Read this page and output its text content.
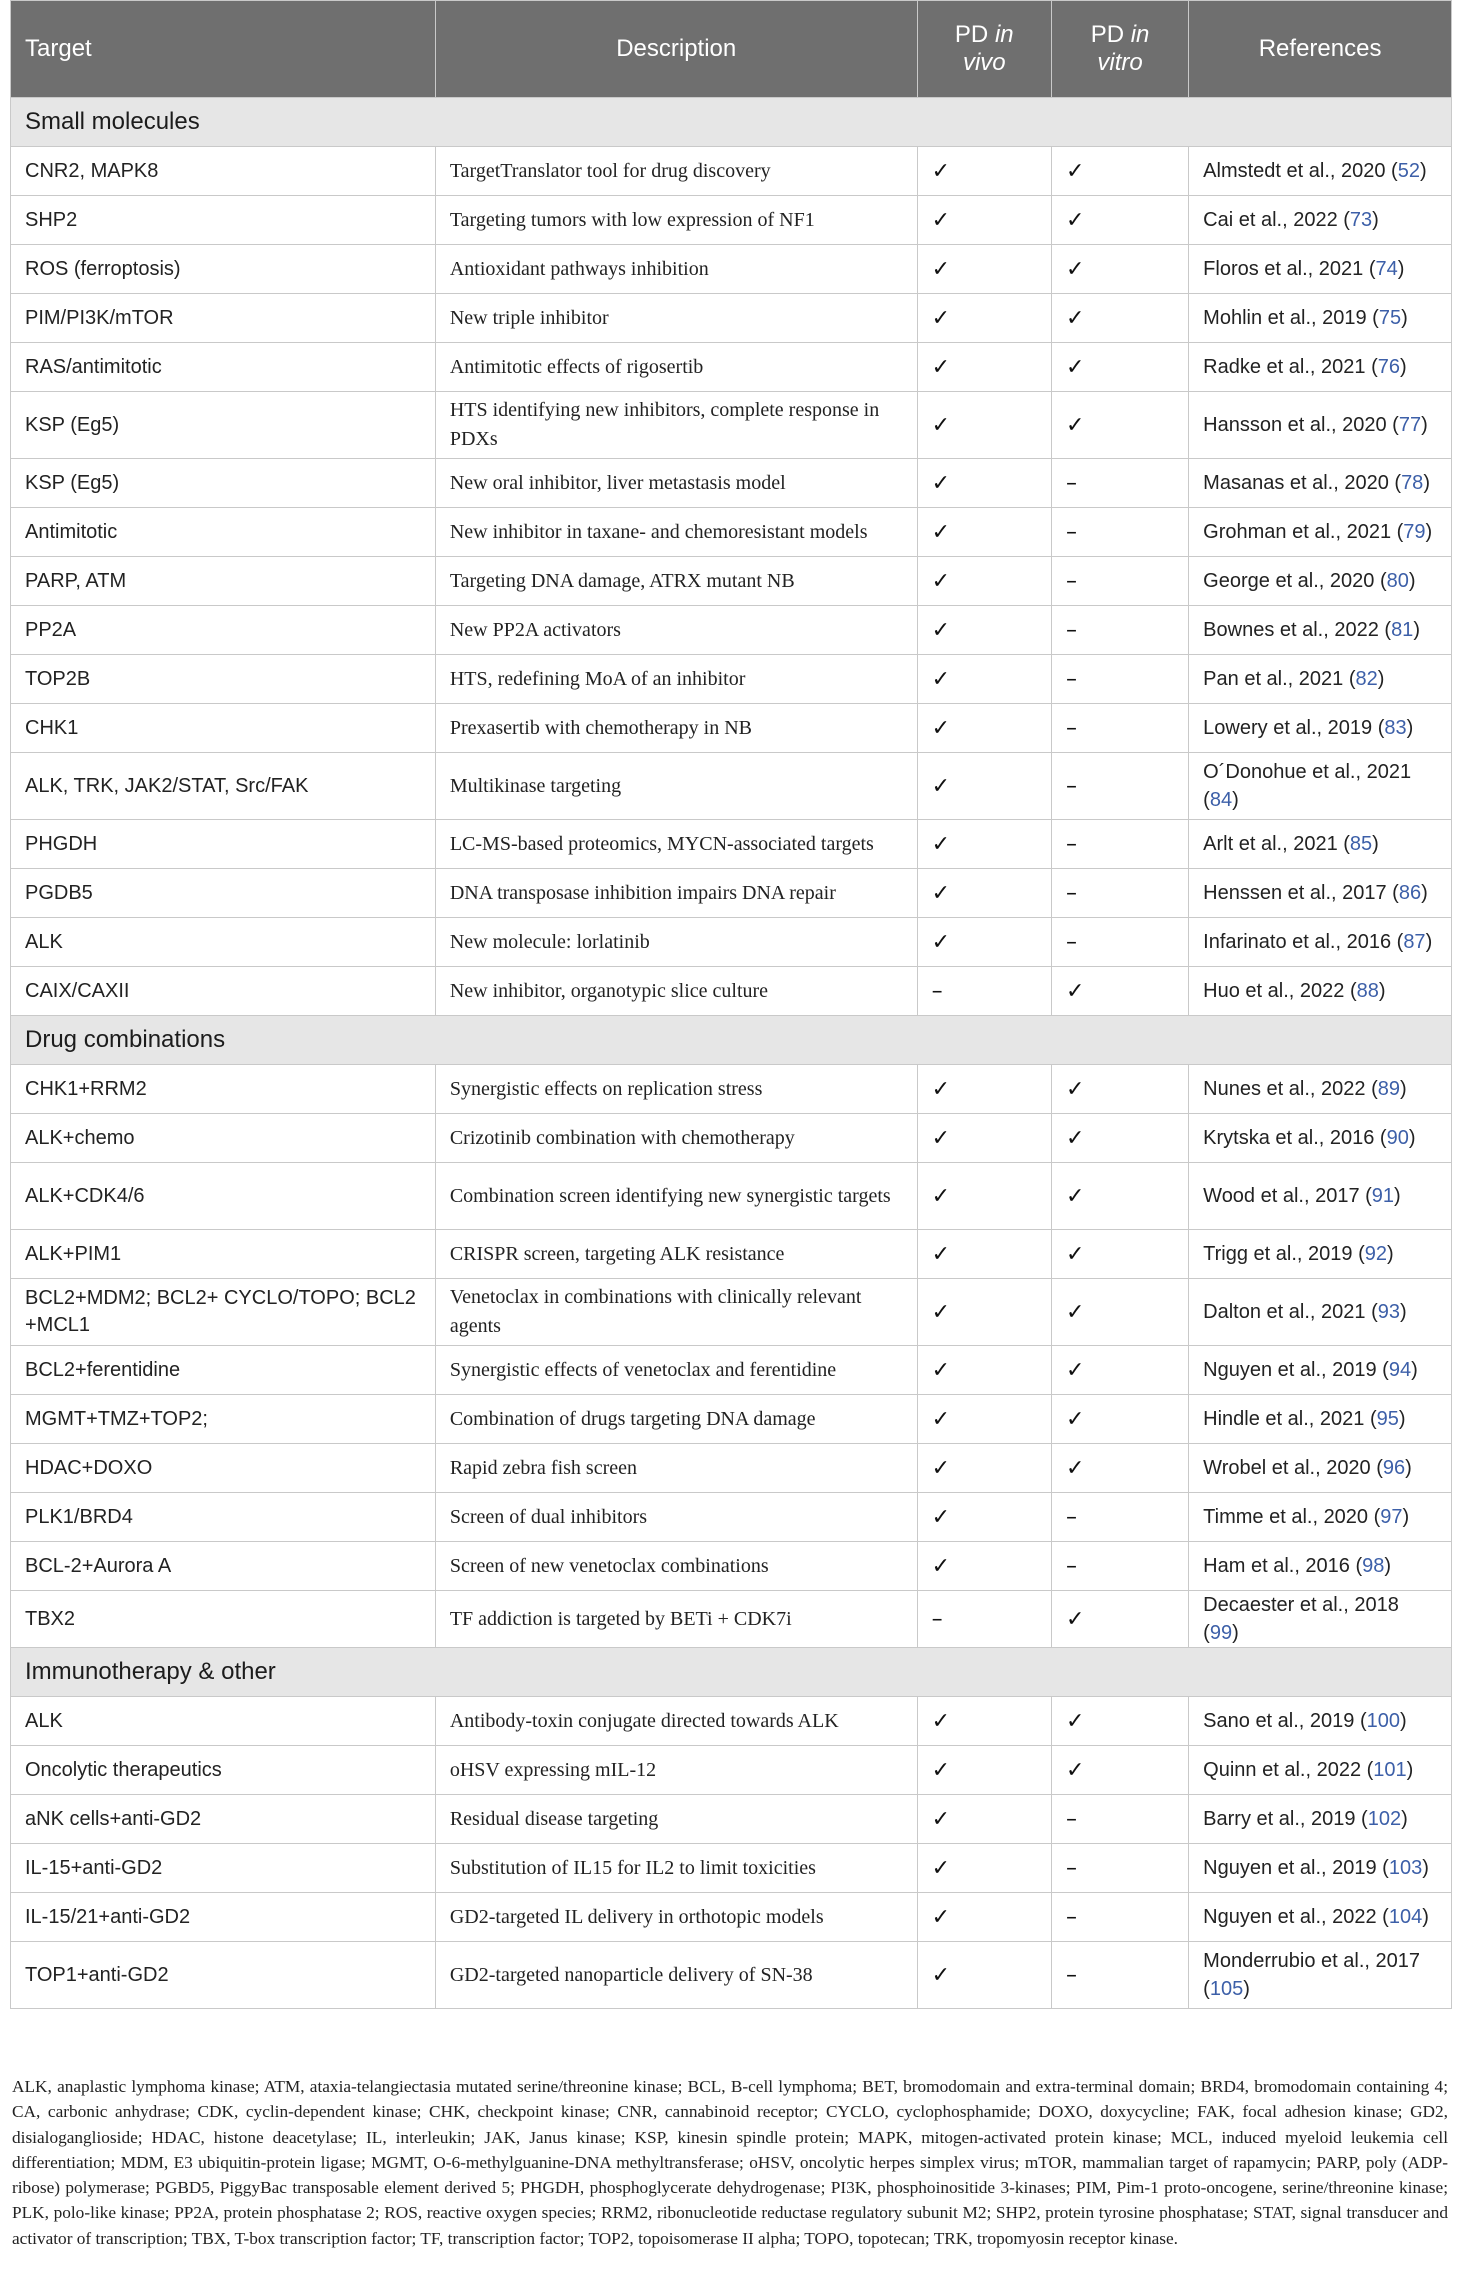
Target	Description	PD in vivo	PD in vitro	References
Small molecules				
CNR2, MAPK8	TargetTranslator tool for drug discovery	✓	✓	Almstedt et al., 2020 (52)
SHP2	Targeting tumors with low expression of NF1	✓	✓	Cai et al., 2022 (73)
ROS (ferroptosis)	Antioxidant pathways inhibition	✓	✓	Floros et al., 2021 (74)
PIM/PI3K/mTOR	New triple inhibitor	✓	✓	Mohlin et al., 2019 (75)
RAS/antimitotic	Antimitotic effects of rigosertib	✓	✓	Radke et al., 2021 (76)
KSP (Eg5)	HTS identifying new inhibitors, complete response in PDXs	✓	✓	Hansson et al., 2020 (77)
KSP (Eg5)	New oral inhibitor, liver metastasis model	✓	–	Masanas et al., 2020 (78)
Antimitotic	New inhibitor in taxane- and chemoresistant models	✓	–	Grohman et al., 2021 (79)
PARP, ATM	Targeting DNA damage, ATRX mutant NB	✓	–	George et al., 2020 (80)
PP2A	New PP2A activators	✓	–	Bownes et al., 2022 (81)
TOP2B	HTS, redefining MoA of an inhibitor	✓	–	Pan et al., 2021 (82)
CHK1	Prexasertib with chemotherapy in NB	✓	–	Lowery et al., 2019 (83)
ALK, TRK, JAK2/STAT, Src/FAK	Multikinase targeting	✓	–	O´Donohue et al., 2021 (84)
PHGDH	LC-MS-based proteomics, MYCN-associated targets	✓	–	Arlt et al., 2021 (85)
PGDB5	DNA transposase inhibition impairs DNA repair	✓	–	Henssen et al., 2017 (86)
ALK	New molecule: lorlatinib	✓	–	Infarinato et al., 2016 (87)
CAIX/CAXII	New inhibitor, organotypic slice culture	–	✓	Huo et al., 2022 (88)
Drug combinations				
CHK1+RRM2	Synergistic effects on replication stress	✓	✓	Nunes et al., 2022 (89)
ALK+chemo	Crizotinib combination with chemotherapy	✓	✓	Krytska et al., 2016 (90)
ALK+CDK4/6	Combination screen identifying new synergistic targets	✓	✓	Wood et al., 2017 (91)
ALK+PIM1	CRISPR screen, targeting ALK resistance	✓	✓	Trigg et al., 2019 (92)
BCL2+MDM2; BCL2+ CYCLO/TOPO; BCL2 +MCL1	Venetoclax in combinations with clinically relevant agents	✓	✓	Dalton et al., 2021 (93)
BCL2+ferentidine	Synergistic effects of venetoclax and ferentidine	✓	✓	Nguyen et al., 2019 (94)
MGMT+TMZ+TOP2;	Combination of drugs targeting DNA damage	✓	✓	Hindle et al., 2021 (95)
HDAC+DOXO	Rapid zebra fish screen	✓	✓	Wrobel et al., 2020 (96)
PLK1/BRD4	Screen of dual inhibitors	✓	–	Timme et al., 2020 (97)
BCL-2+Aurora A	Screen of new venetoclax combinations	✓	–	Ham et al., 2016 (98)
TBX2	TF addiction is targeted by BETi + CDK7i	–	✓	Decaester et al., 2018 (99)
Immunotherapy & other				
ALK	Antibody-toxin conjugate directed towards ALK	✓	✓	Sano et al., 2019 (100)
Oncolytic therapeutics	oHSV expressing mIL-12	✓	✓	Quinn et al., 2022 (101)
aNK cells+anti-GD2	Residual disease targeting	✓	–	Barry et al., 2019 (102)
IL-15+anti-GD2	Substitution of IL15 for IL2 to limit toxicities	✓	–	Nguyen et al., 2019 (103)
IL-15/21+anti-GD2	GD2-targeted IL delivery in orthotopic models	✓	–	Nguyen et al., 2022 (104)
TOP1+anti-GD2	GD2-targeted nanoparticle delivery of SN-38	✓	–	Monderrubio et al., 2017 (105)
ALK, anaplastic lymphoma kinase; ATM, ataxia-telangiectasia mutated serine/threonine kinase; BCL, B-cell lymphoma; BET, bromodomain and extra-terminal domain; BRD4, bromodomain containing 4; CA, carbonic anhydrase; CDK, cyclin-dependent kinase; CHK, checkpoint kinase; CNR, cannabinoid receptor; CYCLO, cyclophosphamide; DOXO, doxycycline; FAK, focal adhesion kinase; GD2, disialoganglioside; HDAC, histone deacetylase; IL, interleukin; JAK, Janus kinase; KSP, kinesin spindle protein; MAPK, mitogen-activated protein kinase; MCL, induced myeloid leukemia cell differentiation; MDM, E3 ubiquitin-protein ligase; MGMT, O-6-methylguanine-DNA methyltransferase; oHSV, oncolytic herpes simplex virus; mTOR, mammalian target of rapamycin; PARP, poly (ADP-ribose) polymerase; PGBD5, PiggyBac transposable element derived 5; PHGDH, phosphoglycerate dehydrogenase; PI3K, phosphoinositide 3-kinases; PIM, Pim-1 proto-oncogene, serine/threonine kinase; PLK, polo-like kinase; PP2A, protein phosphatase 2; ROS, reactive oxygen species; RRM2, ribonucleotide reductase regulatory subunit M2; SHP2, protein tyrosine phosphatase; STAT, signal transducer and activator of transcription; TBX, T-box transcription factor; TF, transcription factor; TOP2, topoisomerase II alpha; TOPO, topotecan; TRK, tropomyosin receptor kinase.
